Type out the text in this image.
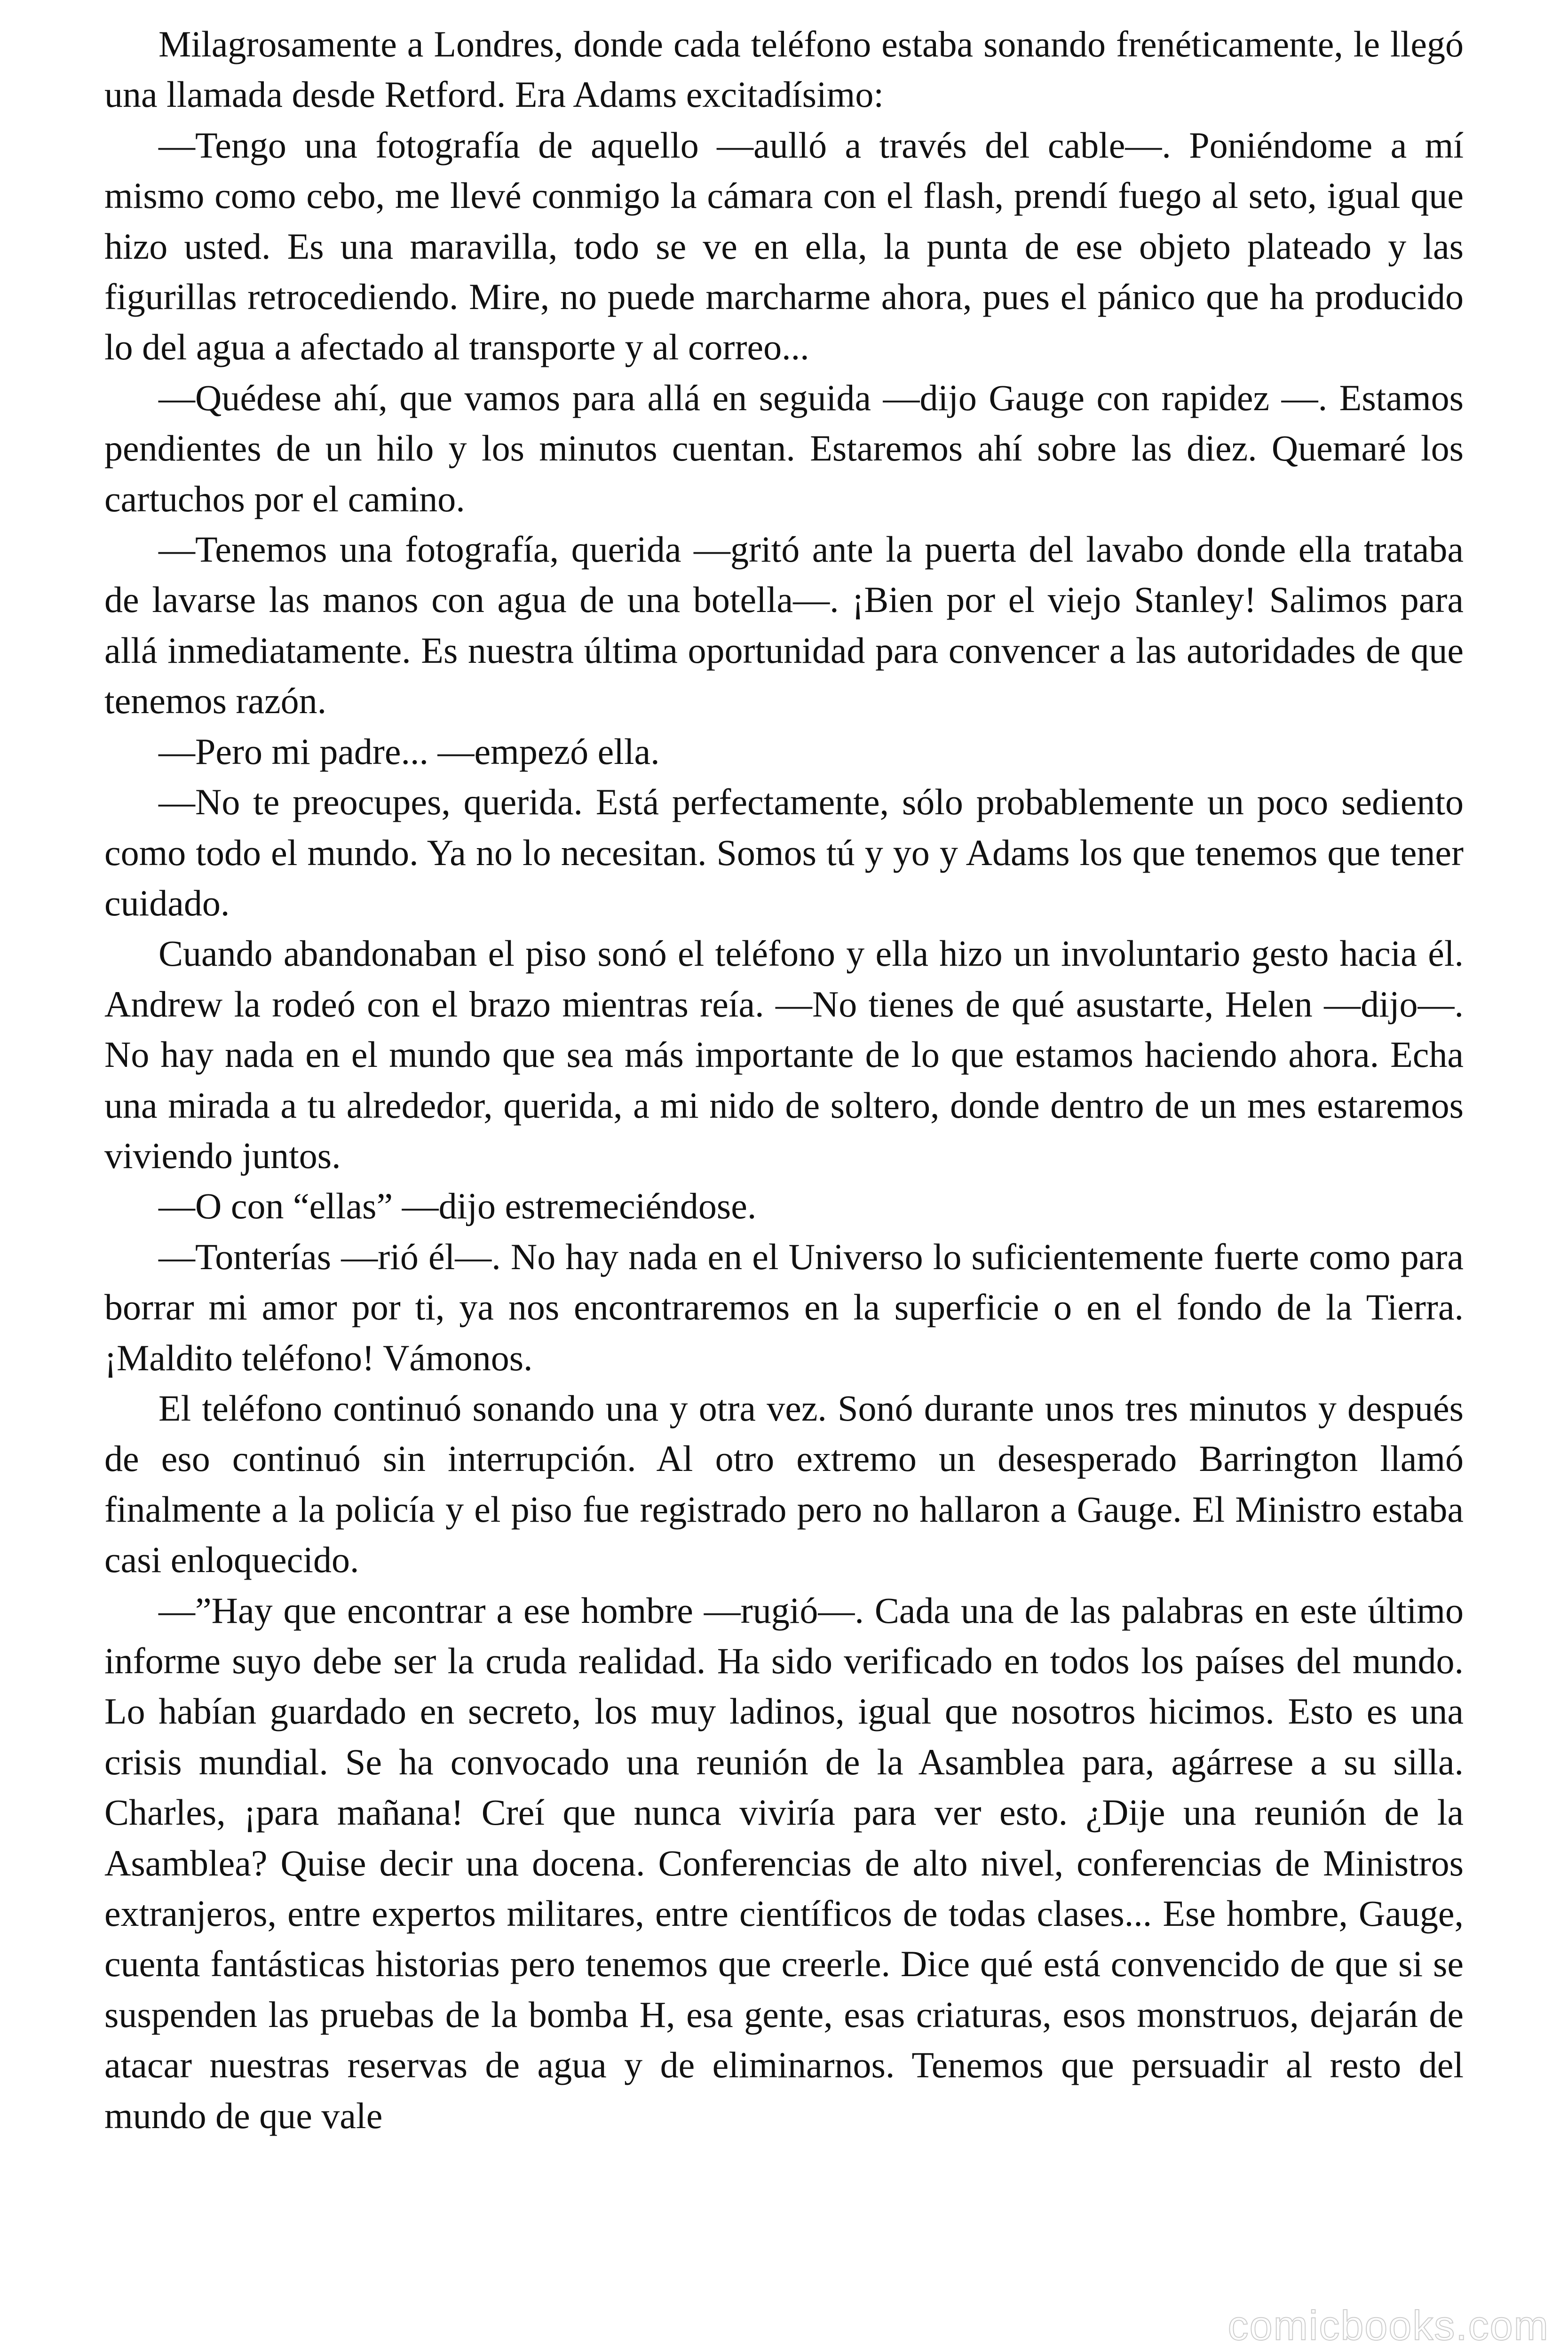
Milagrosamente a Londres, donde cada teléfono estaba sonando frenéticamente, le llegó una llamada desde Retford. Era Adams excitadísimo:

—Tengo una fotografía de aquello —aulló a través del cable—. Poniéndome a mí mismo como cebo, me llevé conmigo la cámara con el flash, prendí fuego al seto, igual que hizo usted. Es una maravilla, todo se ve en ella, la punta de ese objeto plateado y las figurillas retrocediendo. Mire, no puede marcharme ahora, pues el pánico que ha producido lo del agua a afectado al transporte y al correo...

—Quédese ahí, que vamos para allá en seguida —dijo Gauge con rapidez —. Estamos pendientes de un hilo y los minutos cuentan. Estaremos ahí sobre las diez. Quemaré los cartuchos por el camino.

—Tenemos una fotografía, querida —gritó ante la puerta del lavabo donde ella trataba de lavarse las manos con agua de una botella—. ¡Bien por el viejo Stanley! Salimos para allá inmediatamente. Es nuestra última oportunidad para convencer a las autoridades de que tenemos razón.

—Pero mi padre... —empezó ella.

—No te preocupes, querida. Está perfectamente, sólo probablemente un poco sediento como todo el mundo. Ya no lo necesitan. Somos tú y yo y Adams los que tenemos que tener cuidado.

Cuando abandonaban el piso sonó el teléfono y ella hizo un involuntario gesto hacia él. Andrew la rodeó con el brazo mientras reía. —No tienes de qué asustarte, Helen —dijo—. No hay nada en el mundo que sea más importante de lo que estamos haciendo ahora. Echa una mirada a tu alrededor, querida, a mi nido de soltero, donde dentro de un mes estaremos viviendo juntos.

—O con “ellas” —dijo estremeciéndose.

—Tonterías —rió él—. No hay nada en el Universo lo suficientemente fuerte como para borrar mi amor por ti, ya nos encontraremos en la superficie o en el fondo de la Tierra. ¡Maldito teléfono! Vámonos.

El teléfono continuó sonando una y otra vez. Sonó durante unos tres minutos y después de eso continuó sin interrupción. Al otro extremo un desesperado Barrington llamó finalmente a la policía y el piso fue registrado pero no hallaron a Gauge. El Ministro estaba casi enloquecido.

—”Hay que encontrar a ese hombre —rugió—. Cada una de las palabras en este último informe suyo debe ser la cruda realidad. Ha sido verificado en todos los países del mundo. Lo habían guardado en secreto, los muy ladinos, igual que nosotros hicimos. Esto es una crisis mundial. Se ha convocado una reunión de la Asamblea para, agárrese a su silla. Charles, ¡para mañana! Creí que nunca viviría para ver esto. ¿Dije una reunión de la Asamblea? Quise decir una docena. Conferencias de alto nivel, conferencias de Ministros extranjeros, entre expertos militares, entre científicos de todas clases... Ese hombre, Gauge, cuenta fantásticas historias pero tenemos que creerle. Dice qué está convencido de que si se suspenden las pruebas de la bomba H, esa gente, esas criaturas, esos monstruos, dejarán de atacar nuestras reservas de agua y de eliminarnos. Tenemos que persuadir al resto del mundo de que vale

comicbooks.com
